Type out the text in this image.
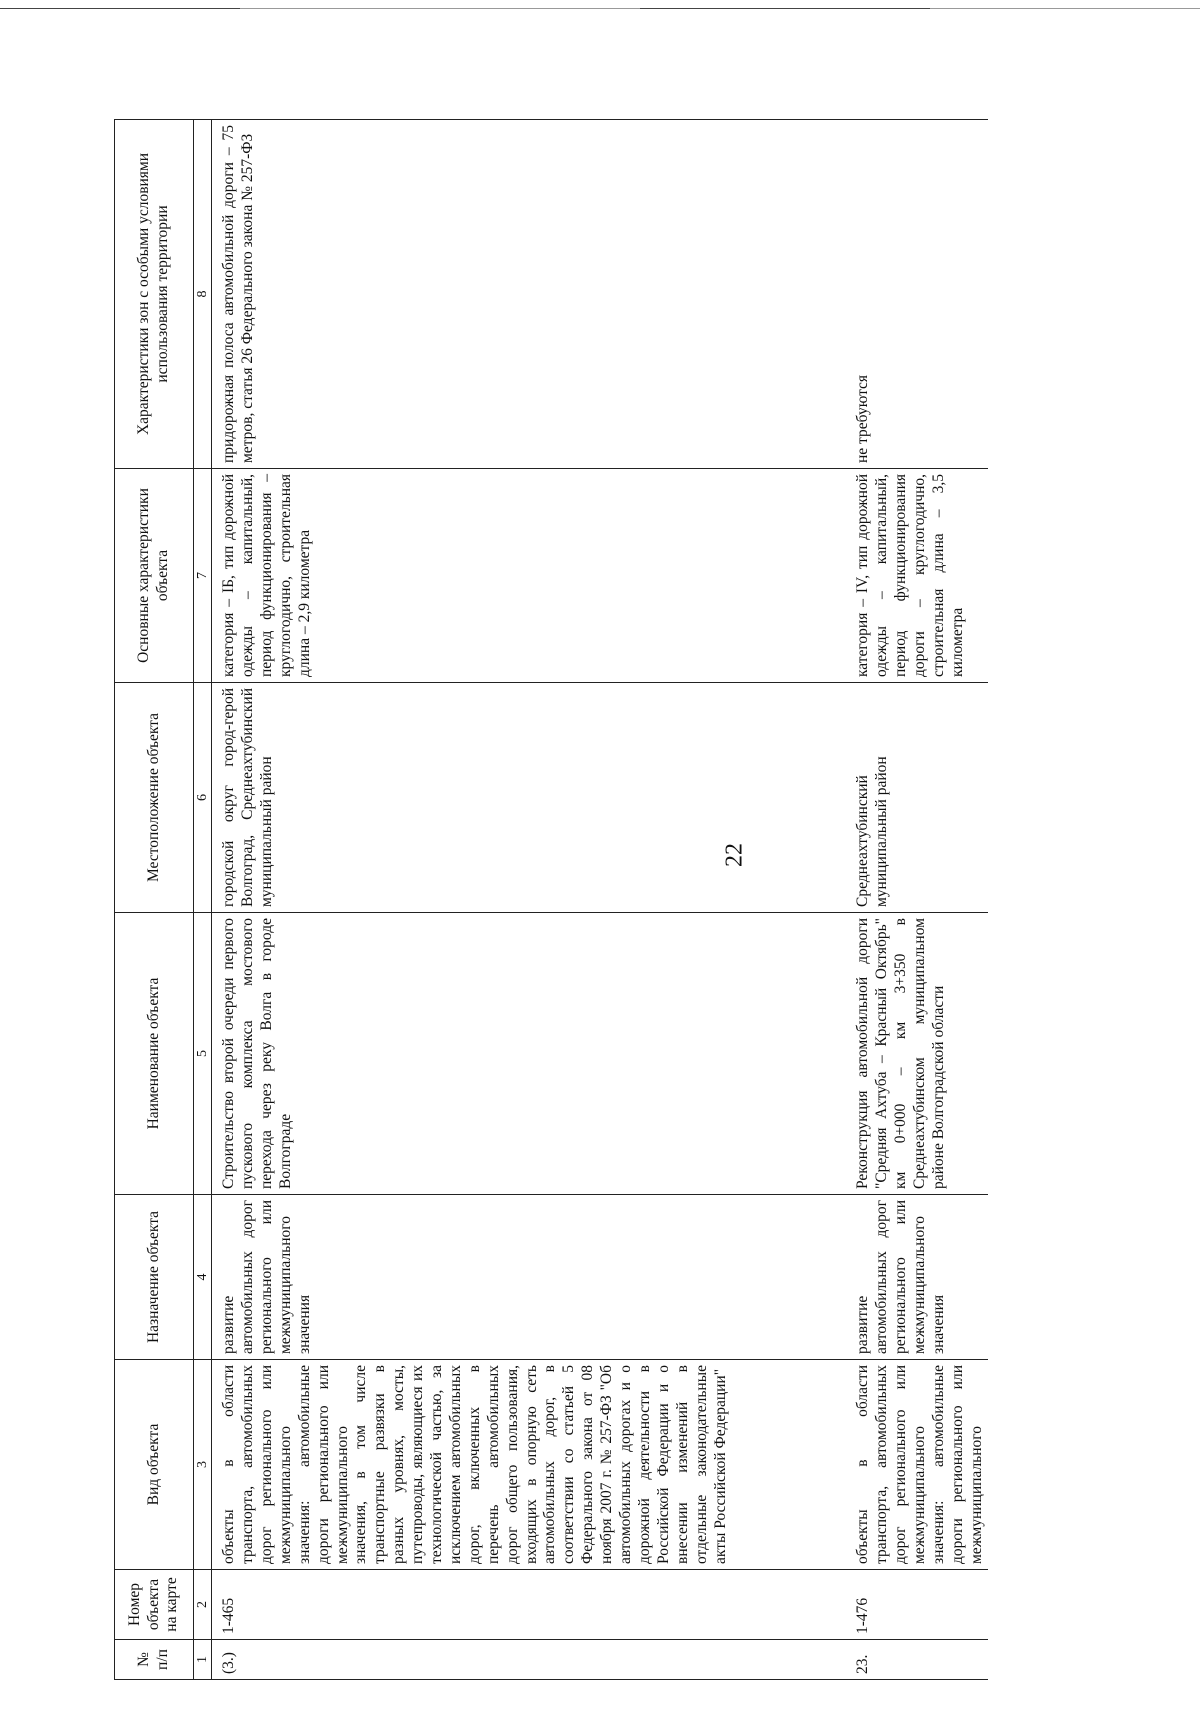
22
№ п/п	Номер объекта на карте	Вид объекта	Назначение объекта	Наименование объекта	Местоположение объекта	Основные характеристики объекта	Характеристики зон с особыми условиями использования территории
1	2	3	4	5	6	7	8
(3.)	1-465	объекты в области транспорта, автомобильных дорог регионального или межмуниципального значения: автомобильные дороги регионального или межмуниципального значения, в том числе транспортные развязки в разных уровнях, мосты, путепроводы, являющиеся их технологической частью, за исключением автомобильных дорог, включенных в перечень автомобильных дорог общего пользования, входящих в опорную сеть автомобильных дорог, в соответствии со статьей 5 Федерального закона от 08 ноября 2007 г. № 257-ФЗ "Об автомобильных дорогах и о дорожной деятельности в Российской Федерации и о внесении изменений в отдельные законодательные акты Российской Федерации"	развитие автомобильных дорог регионального или межмуниципального значения	Строительство второй очереди первого пускового комплекса мостового перехода через реку Волга в городе Волгограде	городской округ город-герой Волгоград, Среднеахтубинский муниципальный район	категория – IБ, тип дорожной одежды – капитальный, период функционирования – круглогодично, строительная длина – 2,9 километра	придорожная полоса автомобильной дороги – 75 метров, статья 26 Федерального закона № 257-ФЗ
23.	1-476	объекты в области транспорта, автомобильных дорог регионального или межмуниципального значения: автомобильные дороги регионального или межмуниципального	развитие автомобильных дорог регионального или межмуниципального значения	Реконструкция автомобильной дороги "Средняя Ахтуба – Красный Октябрь" км 0+000 – км 3+350 в Среднеахтубинском муниципальном районе Волгоградской области	Среднеахтубинский муниципальный район	категория – IV, тип дорожной одежды – капитальный, период функционирования дороги – круглогодично, строительная длина – 3,5 километра	не требуются
